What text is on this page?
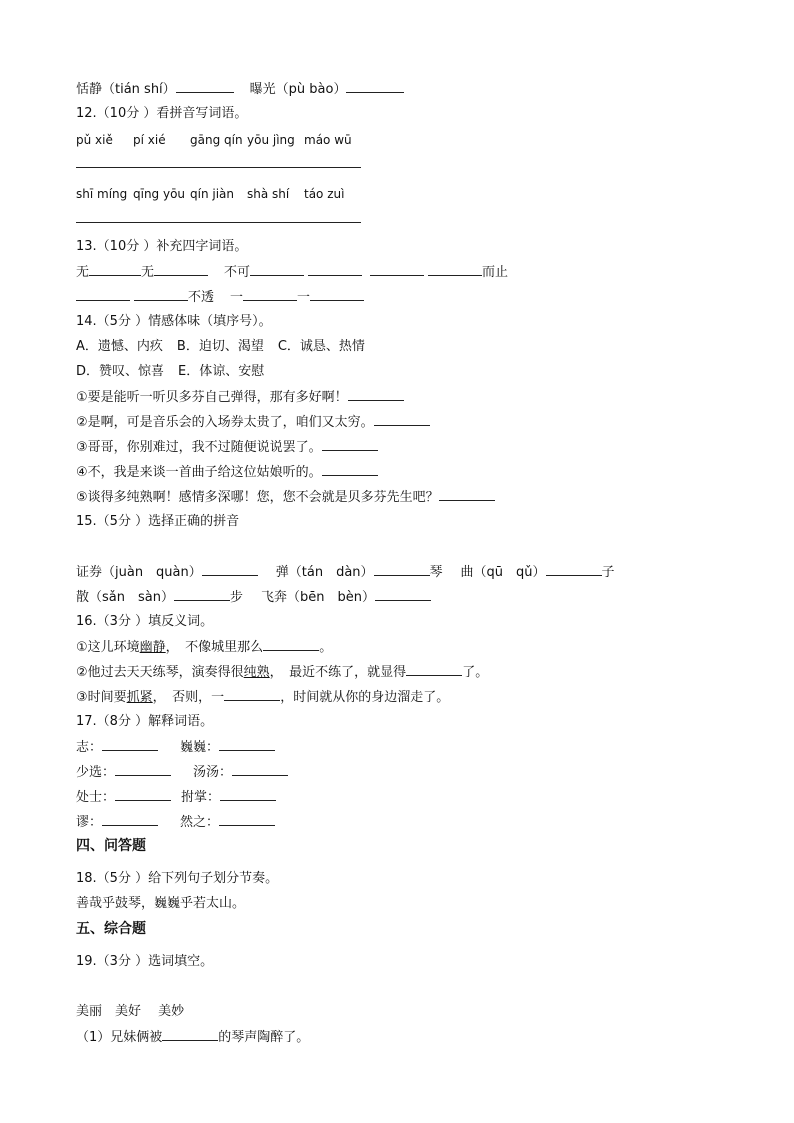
恬静（tián shí）	曝光（pù bào）
12.（10分 ）看拼音写词语。
pǔ xiě pí xié gāng qín yōu jìng máo wū
shī míng qīng yōu qín jiàn shà shí táo zuì
13.（10分 ）补充四字词语。
无	无	不可	而止
不透 一	一
14.（5分 ）情感体味（填序号）。
A．遗憾、内疚 B．迫切、渴望 C．诚恳、热情
D．赞叹、惊喜 E．体谅、安慰
①要是能听一听贝多芬自己弹得，那有多好啊！
②是啊，可是音乐会的入场券太贵了，咱们又太穷。
③哥哥，你别难过，我不过随便说说罢了。
④不，我是来谈一首曲子给这位姑娘听的。
⑤谈得多纯熟啊！感情多深哪！您，您不会就是贝多芬先生吧？
15.（5分 ）选择正确的拼音
证券（juàn　quàn）	弹（tán　dàn）	琴 曲（qū　qǔ）	子
散（sǎn　sàn）	步 飞奔（bēn　bèn）
16.（3分 ）填反义词。
①这儿环境幽静，　不像城里那么	。
②他过去天天练琴，演奏得很纯熟，　最近不练了，就显得	了。
③时间要抓紧，　否则，一	，时间就从你的身边溜走了。
17.（8分 ）解释词语。
志：	巍巍：
少选：	汤汤：
处士：	拊掌：
谬：	然之：
四、问答题
18.（5分 ）给下列句子划分节奏。
善哉乎鼓琴，巍巍乎若太山。
五、综合题
19.（3分 ）选词填空。
美丽　美好　 美妙
（1）兄妹俩被	的琴声陶醉了。
